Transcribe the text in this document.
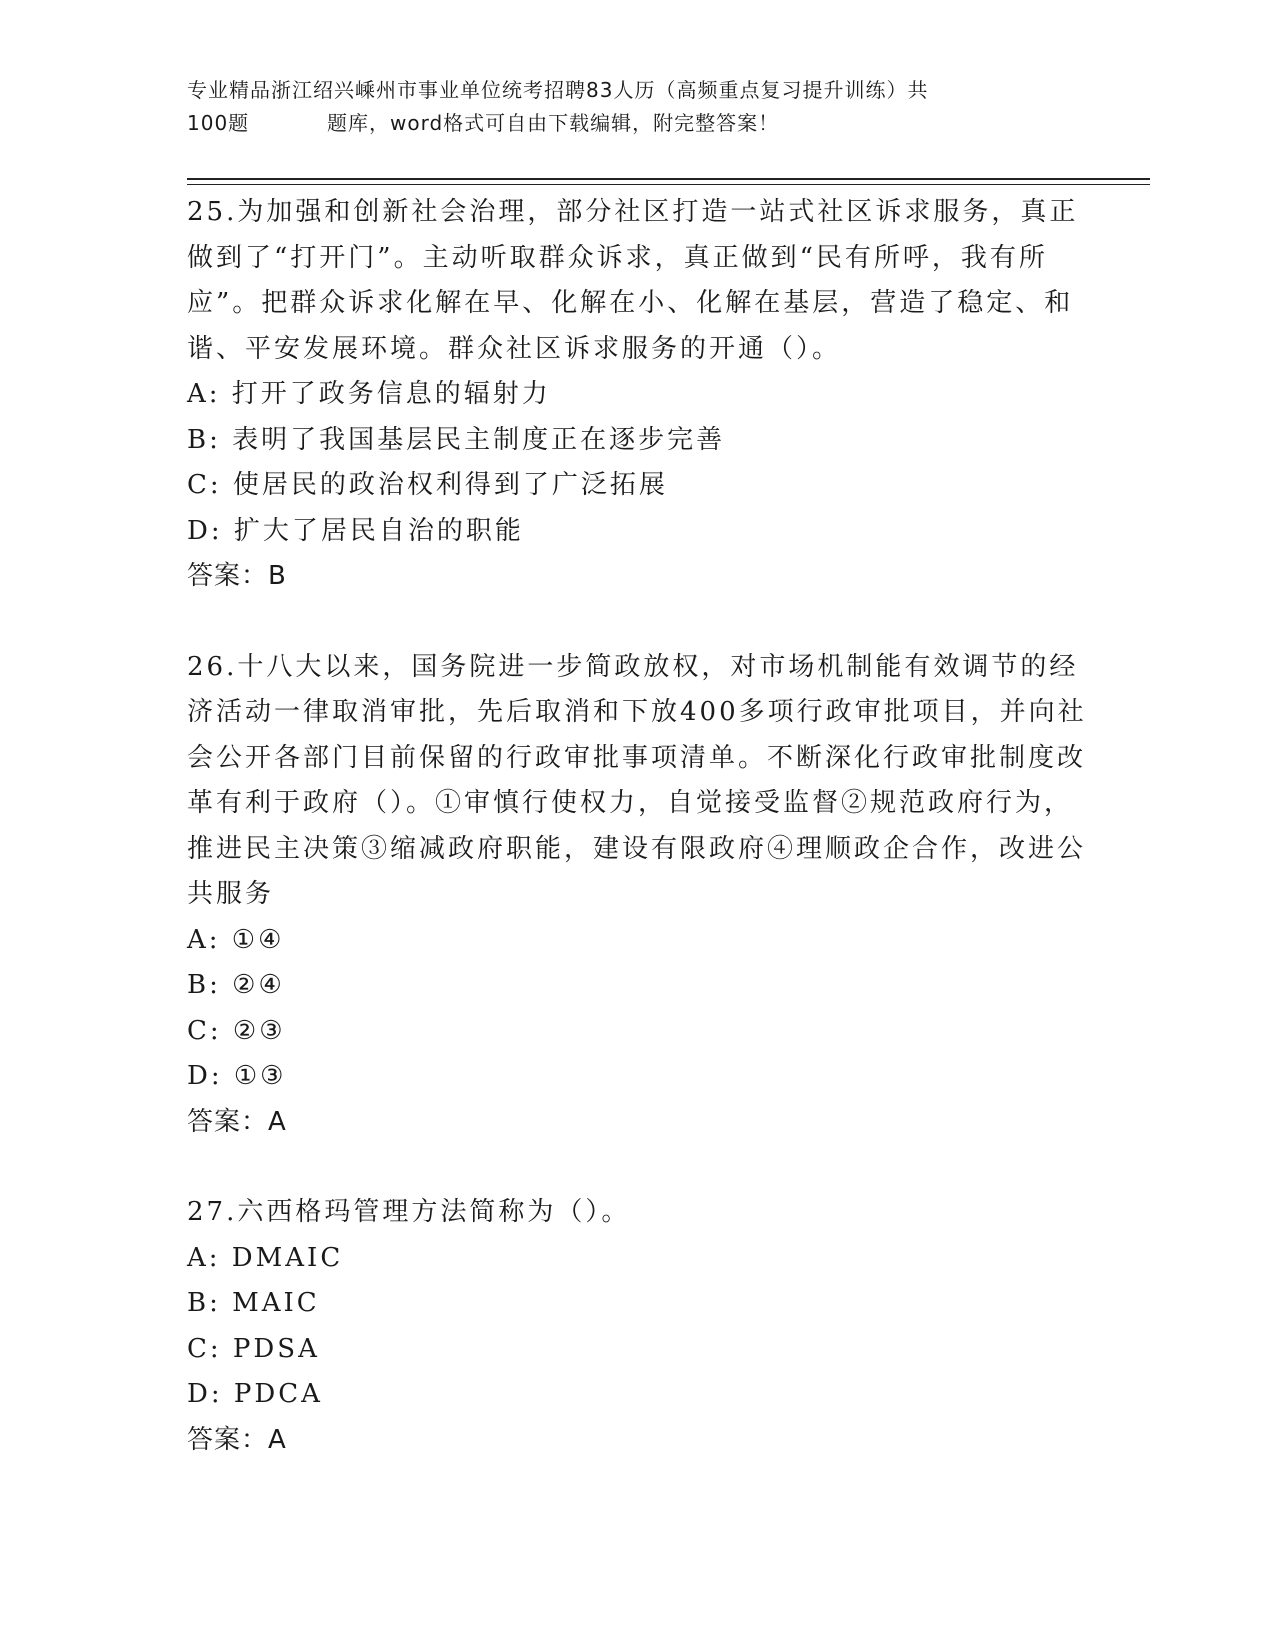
专业精品浙江绍兴嵊州市事业单位统考招聘83人历（高频重点复习提升训练）共
100题	题库，word格式可自由下载编辑，附完整答案！

25.为加强和创新社会治理，部分社区打造一站式社区诉求服务，真正做到了“打开门”。主动听取群众诉求，真正做到“民有所呼，我有所应”。把群众诉求化解在早、化解在小、化解在基层，营造了稳定、和谐、平安发展环境。群众社区诉求服务的开通（）。

A: 打开了政务信息的辐射力

B: 表明了我国基层民主制度正在逐步完善

C: 使居民的政治权利得到了广泛拓展

D: 扩大了居民自治的职能

答案：B

26.十八大以来，国务院进一步简政放权，对市场机制能有效调节的经济活动一律取消审批，先后取消和下放400多项行政审批项目，并向社会公开各部门目前保留的行政审批事项清单。不断深化行政审批制度改革有利于政府（）。①审慎行使权力，自觉接受监督②规范政府行为，推进民主决策③缩减政府职能，建设有限政府④理顺政企合作，改进公共服务

A: ①④

B: ②④

C: ②③

D: ①③

答案：A

27.六西格玛管理方法简称为（）。

A: DMAIC

B: MAIC

C: PDSA

D: PDCA

答案：A
